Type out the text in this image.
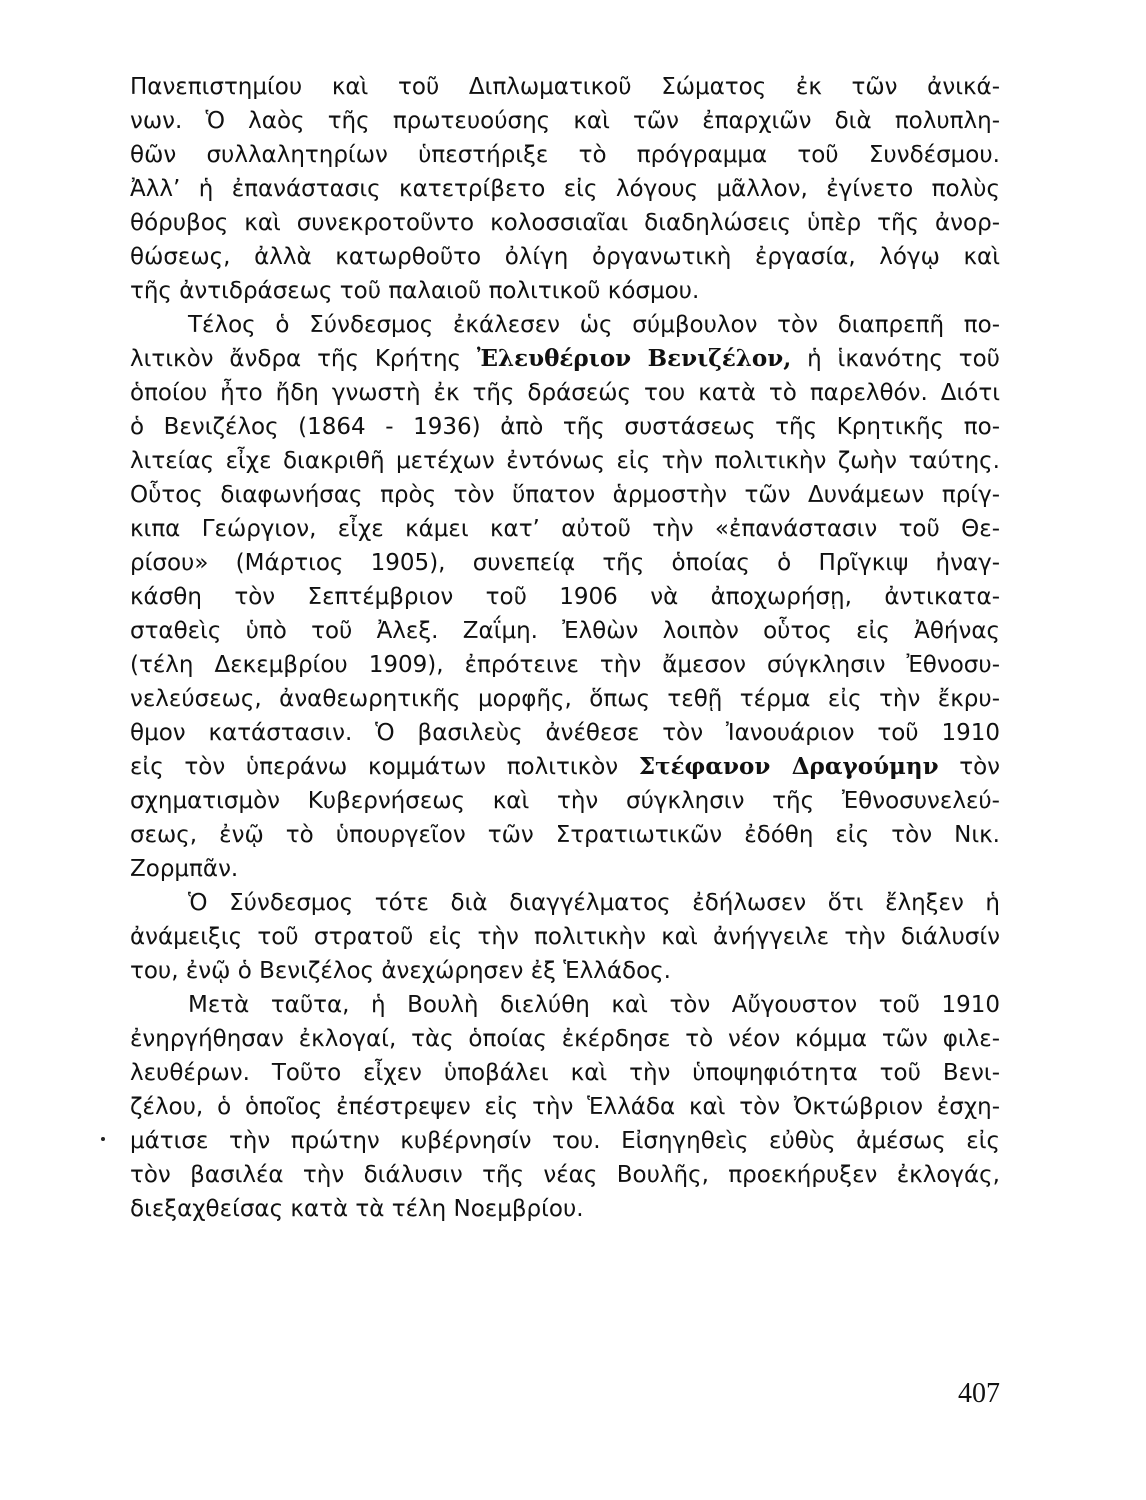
Πανεπιστημίου καὶ τοῦ Διπλωματικοῦ Σώματος ἐκ τῶν ἀνικά-
νων. Ὁ λαὸς τῆς πρωτευούσης καὶ τῶν ἐπαρχιῶν διὰ πολυπλη-
θῶν συλλαλητηρίων ὑπεστήριξε τὸ πρόγραμμα τοῦ Συνδέσμου.
Ἀλλ’ ἡ ἐπανάστασις κατετρίβετο εἰς λόγους μᾶλλον, ἐγίνετο πολὺς
θόρυβος καὶ συνεκροτοῦντο κολοσσιαῖαι διαδηλώσεις ὑπὲρ τῆς ἀνορ-
θώσεως, ἀλλὰ κατωρθοῦτο ὀλίγη ὀργανωτικὴ ἐργασία, λόγῳ καὶ
τῆς ἀντιδράσεως τοῦ παλαιοῦ πολιτικοῦ κόσμου.
Τέλος ὁ Σύνδεσμος ἐκάλεσεν ὡς σύμβουλον τὸν διαπρεπῆ πο-
λιτικὸν ἄνδρα τῆς Κρήτης Ἐλευθέριον Βενιζέλον, ἡ ἱκανότης τοῦ
ὁποίου ἦτο ἤδη γνωστὴ ἐκ τῆς δράσεώς του κατὰ τὸ παρελθόν. Διότι
ὁ Βενιζέλος (1864 - 1936) ἀπὸ τῆς συστάσεως τῆς Κρητικῆς πο-
λιτείας εἶχε διακριθῆ μετέχων ἐντόνως εἰς τὴν πολιτικὴν ζωὴν ταύτης.
Οὗτος διαφωνήσας πρὸς τὸν ὕπατον ἁρμοστὴν τῶν Δυνάμεων πρίγ-
κιπα Γεώργιον, εἶχε κάμει κατ’ αὐτοῦ τὴν «ἐπανάστασιν τοῦ Θε-
ρίσου» (Μάρτιος 1905), συνεπείᾳ τῆς ὁποίας ὁ Πρῖγκιψ ἠναγ-
κάσθη τὸν Σεπτέμβριον τοῦ 1906 νὰ ἀποχωρήσῃ, ἀντικατα-
σταθεὶς ὑπὸ τοῦ Ἀλεξ. Ζαΐμη. Ἐλθὼν λοιπὸν οὗτος εἰς Ἀθήνας
(τέλη Δεκεμβρίου 1909), ἐπρότεινε τὴν ἄμεσον σύγκλησιν Ἐθνοσυ-
νελεύσεως, ἀναθεωρητικῆς μορφῆς, ὅπως τεθῇ τέρμα εἰς τὴν ἔκρυ-
θμον κατάστασιν. Ὁ βασιλεὺς ἀνέθεσε τὸν Ἰανουάριον τοῦ 1910
εἰς τὸν ὑπεράνω κομμάτων πολιτικὸν Στέφανον Δραγούμην τὸν
σχηματισμὸν Κυβερνήσεως καὶ τὴν σύγκλησιν τῆς Ἐθνοσυνελεύ-
σεως, ἐνῷ τὸ ὑπουργεῖον τῶν Στρατιωτικῶν ἐδόθη εἰς τὸν Νικ.
Ζορμπᾶν.
Ὁ Σύνδεσμος τότε διὰ διαγγέλματος ἐδήλωσεν ὅτι ἔληξεν ἡ
ἀνάμειξις τοῦ στρατοῦ εἰς τὴν πολιτικὴν καὶ ἀνήγγειλε τὴν διάλυσίν
του, ἐνῷ ὁ Βενιζέλος ἀνεχώρησεν ἐξ Ἑλλάδος.
Μετὰ ταῦτα, ἡ Βουλὴ διελύθη καὶ τὸν Αὔγουστον τοῦ 1910
ἐνηργήθησαν ἐκλογαί, τὰς ὁποίας ἐκέρδησε τὸ νέον κόμμα τῶν φιλε-
λευθέρων. Τοῦτο εἶχεν ὑποβάλει καὶ τὴν ὑποψηφιότητα τοῦ Βενι-
ζέλου, ὁ ὁποῖος ἐπέστρεψεν εἰς τὴν Ἑλλάδα καὶ τὸν Ὀκτώβριον ἐσχη-
μάτισε τὴν πρώτην κυβέρνησίν του. Εἰσηγηθεὶς εὐθὺς ἀμέσως εἰς
τὸν βασιλέα τὴν διάλυσιν τῆς νέας Βουλῆς, προεκήρυξεν ἐκλογάς,
διεξαχθείσας κατὰ τὰ τέλη Νοεμβρίου.
407
